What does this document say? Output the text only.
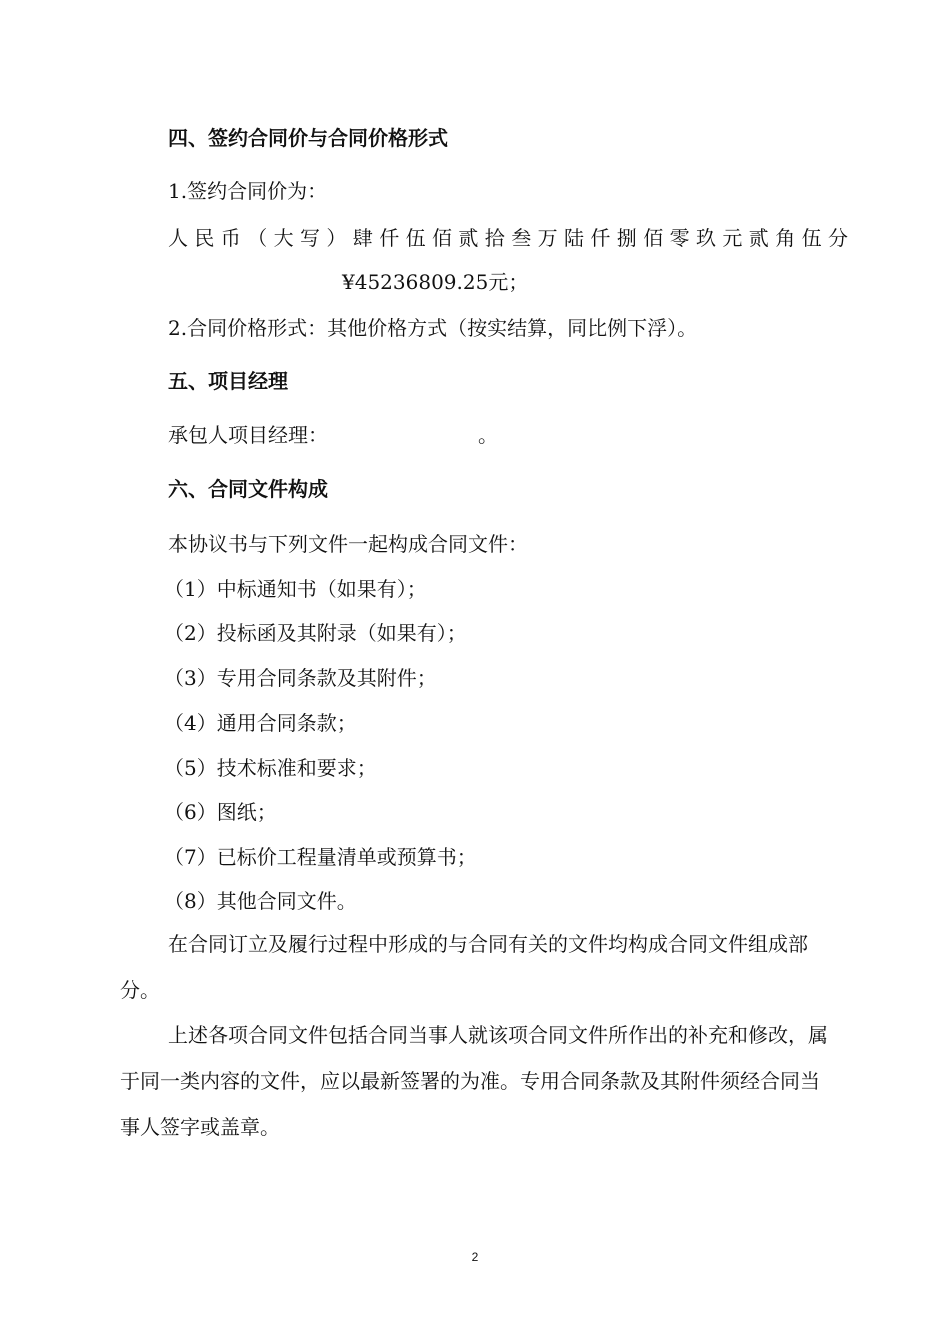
四、签约合同价与合同价格形式
1.签约合同价为：
人民币（大写）肆仟伍佰贰拾叁万陆仟捌佰零玖元贰角伍分
¥45236809.25元；
2.合同价格形式：其他价格方式（按实结算，同比例下浮）。
五、项目经理
承包人项目经理：	。
六、合同文件构成
本协议书与下列文件一起构成合同文件：
（1）中标通知书（如果有）；
（2）投标函及其附录（如果有）；
（3）专用合同条款及其附件；
（4）通用合同条款；
（5）技术标准和要求；
（6）图纸；
（7）已标价工程量清单或预算书；
（8）其他合同文件。
在合同订立及履行过程中形成的与合同有关的文件均构成合同文件组成部分。
上述各项合同文件包括合同当事人就该项合同文件所作出的补充和修改，属于同一类内容的文件，应以最新签署的为准。专用合同条款及其附件须经合同当事人签字或盖章。
2
